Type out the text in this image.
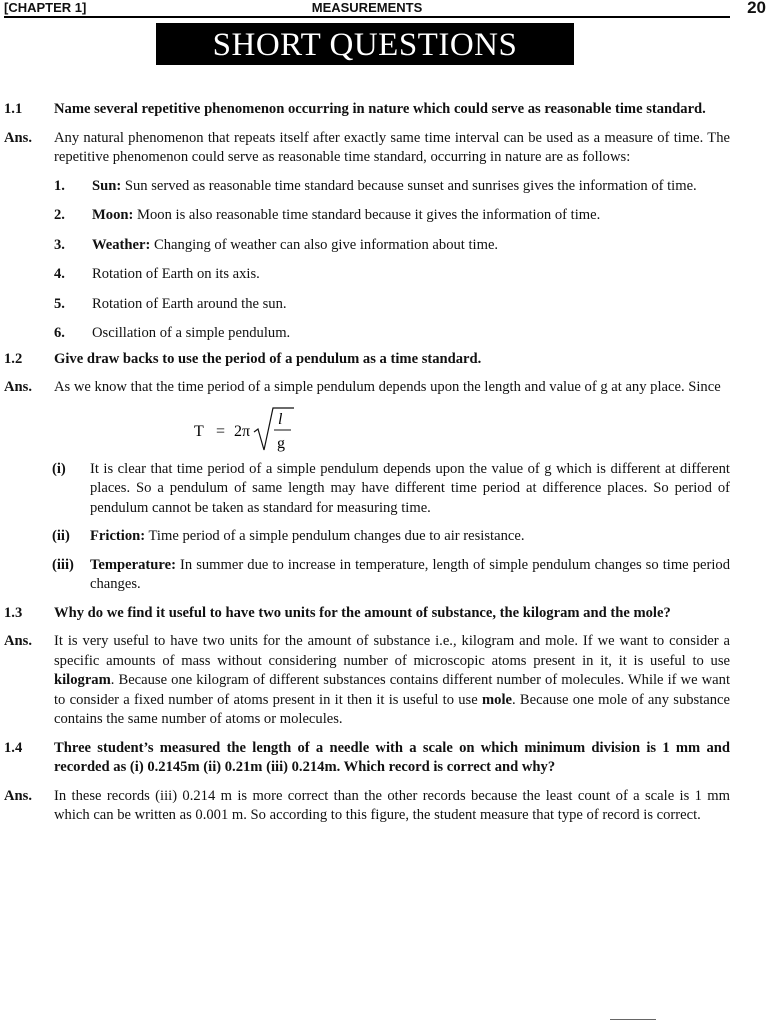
[CHAPTER 1]	MEASUREMENTS	20
SHORT QUESTIONS
1.1	Name several repetitive phenomenon occurring in nature which could serve as reasonable time standard.
Ans.	Any natural phenomenon that repeats itself after exactly same time interval can be used as a measure of time. The repetitive phenomenon could serve as reasonable time standard, occurring in nature are as follows:
1.	Sun: Sun served as reasonable time standard because sunset and sunrises gives the information of time.
2.	Moon: Moon is also reasonable time standard because it gives the information of time.
3.	Weather: Changing of weather can also give information about time.
4.	Rotation of Earth on its axis.
5.	Rotation of Earth around the sun.
6.	Oscillation of a simple pendulum.
1.2	Give draw backs to use the period of a pendulum as a time standard.
Ans.	As we know that the time period of a simple pendulum depends upon the length and value of g at any place. Since
T = 2π
l
g
(i)	It is clear that time period of a simple pendulum depends upon the value of g which is different at different places. So a pendulum of same length may have different time period at difference places. So period of pendulum cannot be taken as standard for measuring time.
(ii)	Friction: Time period of a simple pendulum changes due to air resistance.
(iii)	Temperature: In summer due to increase in temperature, length of simple pendulum changes so time period changes.
1.3	Why do we find it useful to have two units for the amount of substance, the kilogram and the mole?
Ans.	It is very useful to have two units for the amount of substance i.e., kilogram and mole. If we want to consider a specific amounts of mass without considering number of microscopic atoms present in it, it is useful to use kilogram. Because one kilogram of different substances contains different number of molecules. While if we want to consider a fixed number of atoms present in it then it is useful to use mole. Because one mole of any substance contains the same number of atoms or molecules.
1.4	Three student’s measured the length of a needle with a scale on which minimum division is 1 mm and recorded as (i) 0.2145m (ii) 0.21m (iii) 0.214m. Which record is correct and why?
Ans.	In these records (iii) 0.214 m is more correct than the other records because the least count of a scale is 1 mm which can be written as 0.001 m. So according to this figure, the student measure that type of record is correct.
